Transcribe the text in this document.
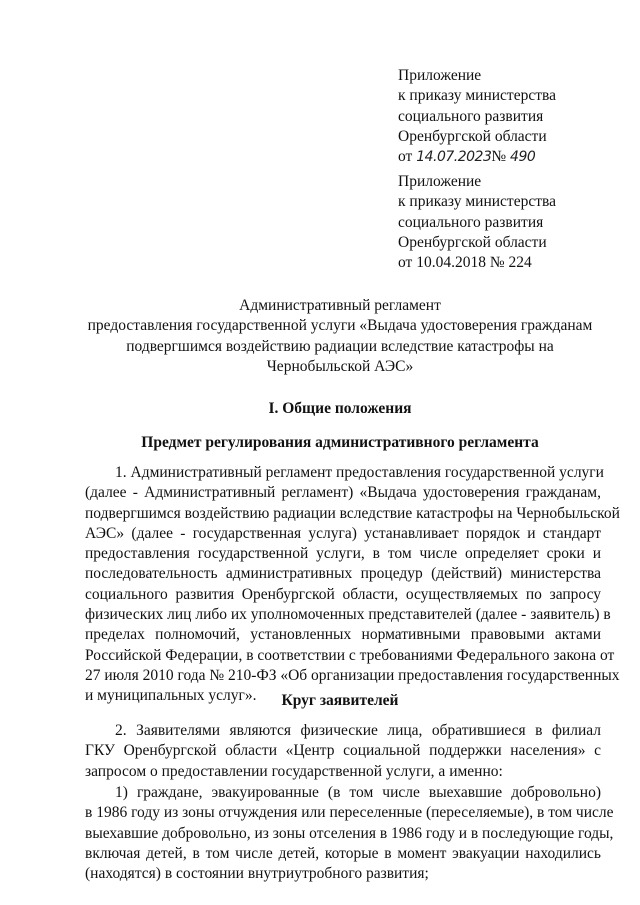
Приложение
к приказу министерства
социального развития
Оренбургской области
от 14.07.2023№ 490
Приложение
к приказу министерства
социального развития
Оренбургской области
от 10.04.2018 № 224
Административный регламент
предоставления государственной услуги «Выдача удостоверения гражданам
подвергшимся воздействию радиации вследствие катастрофы на
Чернобыльской АЭС»
I. Общие положения
Предмет регулирования административного регламента
1. Административный регламент предоставления государственной услуги
(далее - Административный регламент) «Выдача удостоверения гражданам,
подвергшимся воздействию радиации вследствие катастрофы на Чернобыльской
АЭС» (далее - государственная услуга) устанавливает порядок и стандарт
предоставления государственной услуги, в том числе определяет сроки и
последовательность административных процедур (действий) министерства
социального развития Оренбургской области, осуществляемых по запросу
физических лиц либо их уполномоченных представителей (далее - заявитель) в
пределах полномочий, установленных нормативными правовыми актами
Российской Федерации, в соответствии с требованиями Федерального закона от
27 июля 2010 года № 210-ФЗ «Об организации предоставления государственных
и муниципальных услуг».	Круг заявителей
2. Заявителями являются физические лица, обратившиеся в филиал
ГКУ Оренбургской области «Центр социальной поддержки населения» с
запросом о предоставлении государственной услуги, а именно:
1) граждане, эвакуированные (в том числе выехавшие добровольно)
в 1986 году из зоны отчуждения или переселенные (переселяемые), в том числе
выехавшие добровольно, из зоны отселения в 1986 году и в последующие годы,
включая детей, в том числе детей, которые в момент эвакуации находились
(находятся) в состоянии внутриутробного развития;
